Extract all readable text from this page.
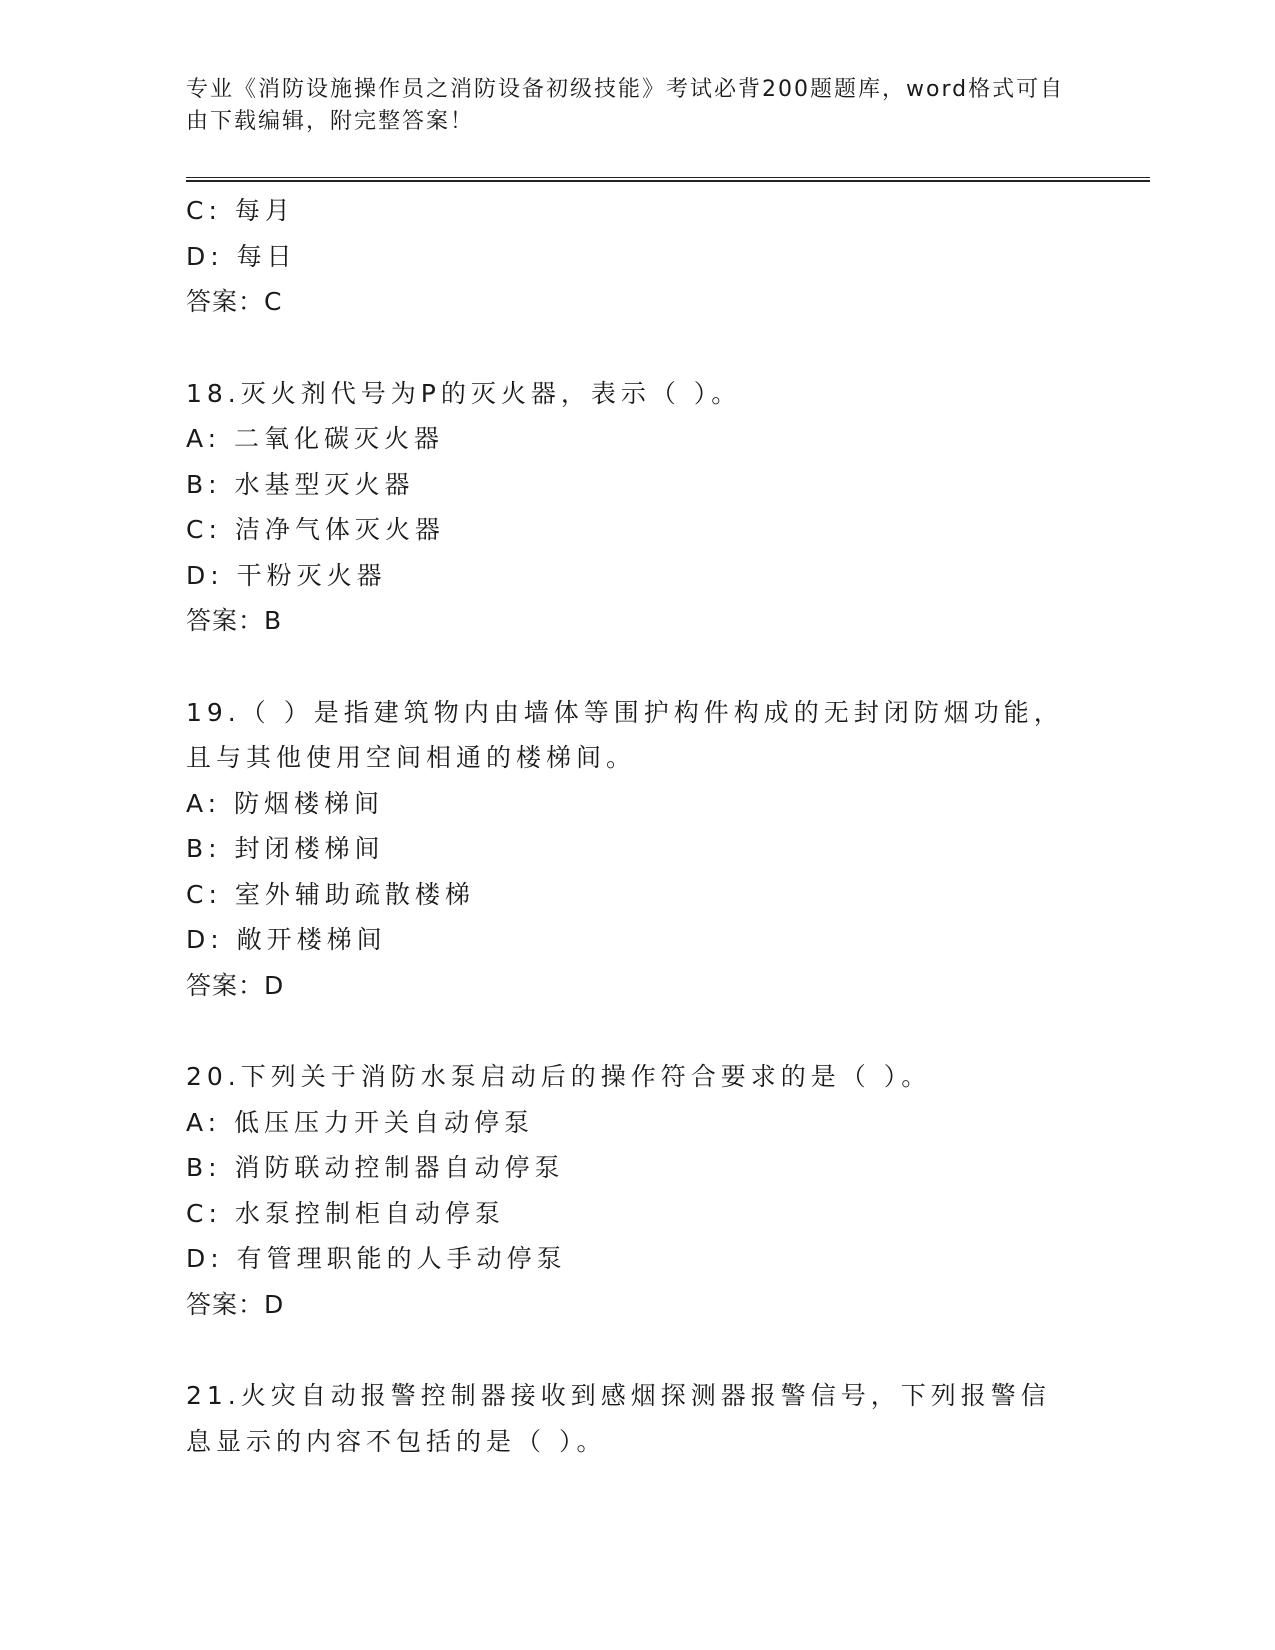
专业《消防设施操作员之消防设备初级技能》考试必背200题题库，word格式可自由下载编辑，附完整答案！
C: 每月
D: 每日
答案：C
18.灭火剂代号为P的灭火器，表示（ ）。
A: 二氧化碳灭火器
B: 水基型灭火器
C: 洁净气体灭火器
D: 干粉灭火器
答案：B
19.（ ）是指建筑物内由墙体等围护构件构成的无封闭防烟功能，且与其他使用空间相通的楼梯间。
A: 防烟楼梯间
B: 封闭楼梯间
C: 室外辅助疏散楼梯
D: 敞开楼梯间
答案：D
20.下列关于消防水泵启动后的操作符合要求的是（ ）。
A: 低压压力开关自动停泵
B: 消防联动控制器自动停泵
C: 水泵控制柜自动停泵
D: 有管理职能的人手动停泵
答案：D
21.火灾自动报警控制器接收到感烟探测器报警信号，下列报警信息显示的内容不包括的是（ ）。
